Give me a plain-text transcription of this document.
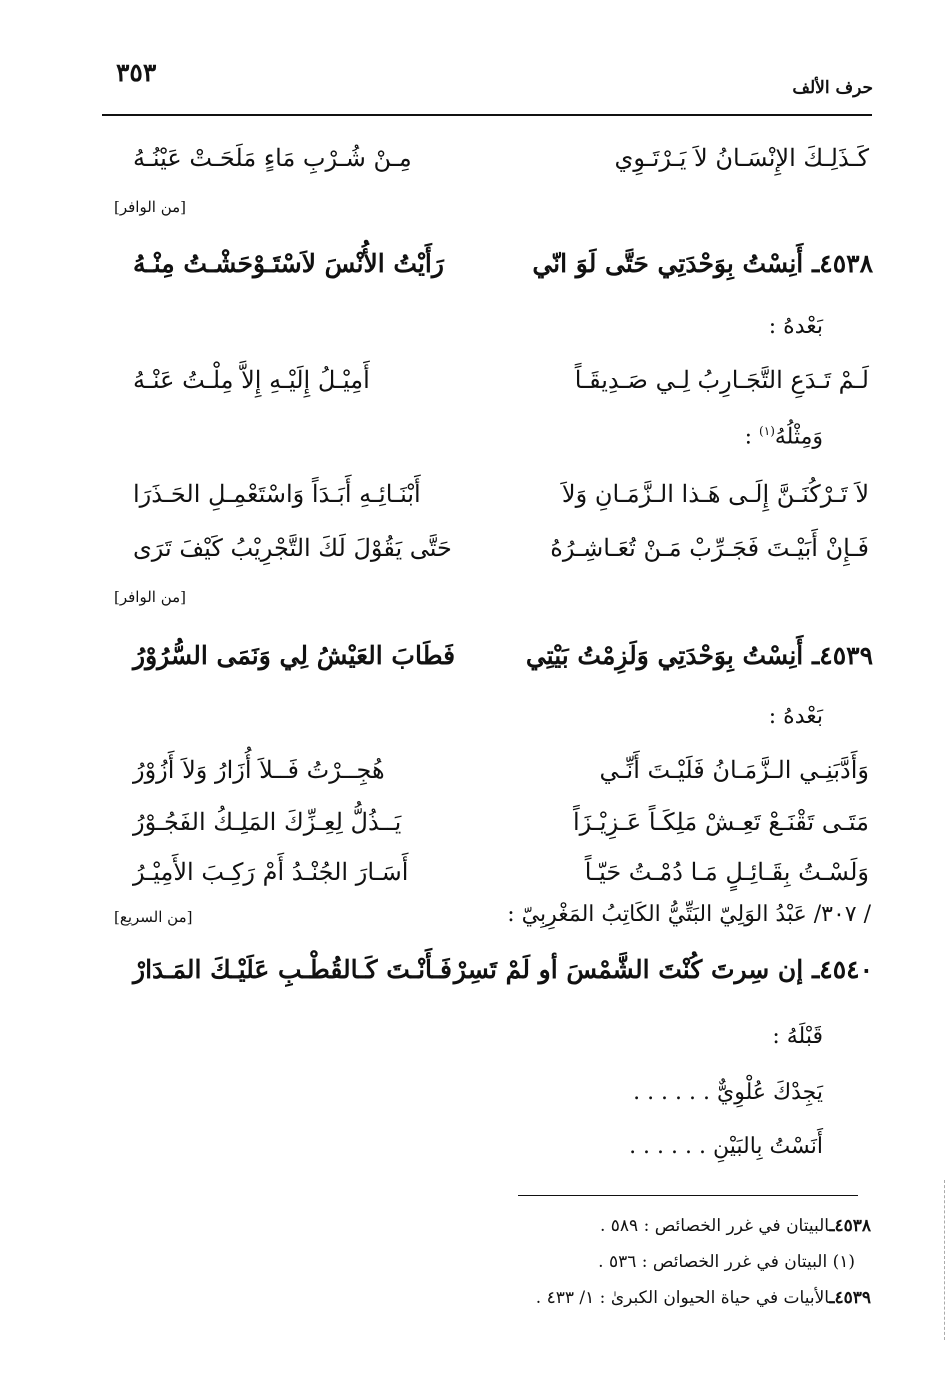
حرف الألف
٣٥٣
كَـذَلِـكَ الإِنْسَـانُ لاَ يَـرْتَـوِي
مِـنْ شُـرْبِ مَاءٍ مَلَحَـتْ عَيْنُـهُ
[من الوافر]
٤٥٣٨ـ أَنِسْتُ بِوَحْدَتِي حَتَّى لَوَ انّي
رَأَيْتُ الأُنْسَ لاَسْتَـوْحَشْـتُ مِنْـهُ
بَعْدهُ :
لَـمْ تَـدَعِ التَّجَـارِبُ لِـي صَـدِيقَـاً
أَمِيْـلُ إِلَيْـهِ إِلاَّ مِلْـتُ عَنْـهُ
وَمِثْلُهُ$^{(١)}$ :
لاَ تَـرْكُنَـنَّ إِلَـى هَـذا الـزَّمَـانِ وَلاَ
أَبْنَـائِـهِ أَبَـدَاً وَاسْتَعْمِـلِ الحَـذَرَا
فَـإِنْ أَبَيْـتَ فَجَـرِّبْ مَـنْ تُعَـاشِـرُهُ
حَتَّى يَقُوْلَ لَكَ التَّجْرِيْبُ كَيْفَ تَرَى
[من الوافر]
٤٥٣٩ـ أَنِسْتُ بِوَحْدَتِي وَلَزِمْتُ بَيْتِي
فَطَابَ العَيْشُ لِي وَنَمَى السُّرُوْرُ
بَعْدهُ :
وَأَدَّبَنِـي الـزَّمَـانُ فَلَيْـتَ أَنِّـي
هُجِــرْتُ فَــلاَ أُزَارُ وَلاَ أَزُوْرُ
مَتَـى تَقْنَـعْ تَعِـشْ مَلِكَـاً عَـزِيْـزَاً
يَــذُلُّ لِعِـزِّكَ المَلِـكُ الفَجُـوْرُ
وَلَسْـتُ بِقَـائِـلٍ مَـا دُمْـتُ حَيّـاً
أَسَـارَ الجُنْـدُ أَمْ رَكِـبَ الأَمِيْـرُ
/ ٣٠٧/ عَبْدُ الوَلِيّ البَتِّيُّ الكَاتِبُ المَغْرِبِيّ :
[من السريع]
٤٥٤٠ـ إن سِرتَ كُنْتَ الشَّمْسَ أو لَمْ تَسِرْ
فَـأَنْـتَ كَـالقُطْـبِ عَلَيْـكَ المَـدَارْ
قَبْلَهُ :
يَجِدْكَ عُلْوِيٌّ . . . . . .
أَنَسْتُ بِالبَيْنِ . . . . . .
٤٥٣٨ـالبيتان في غرر الخصائص : ٥٨٩ .
(١) البيتان في غرر الخصائص : ٥٣٦ .
٤٥٣٩ـالأبيات في حياة الحيوان الكبرىٰ : ١/ ٤٣٣ .
